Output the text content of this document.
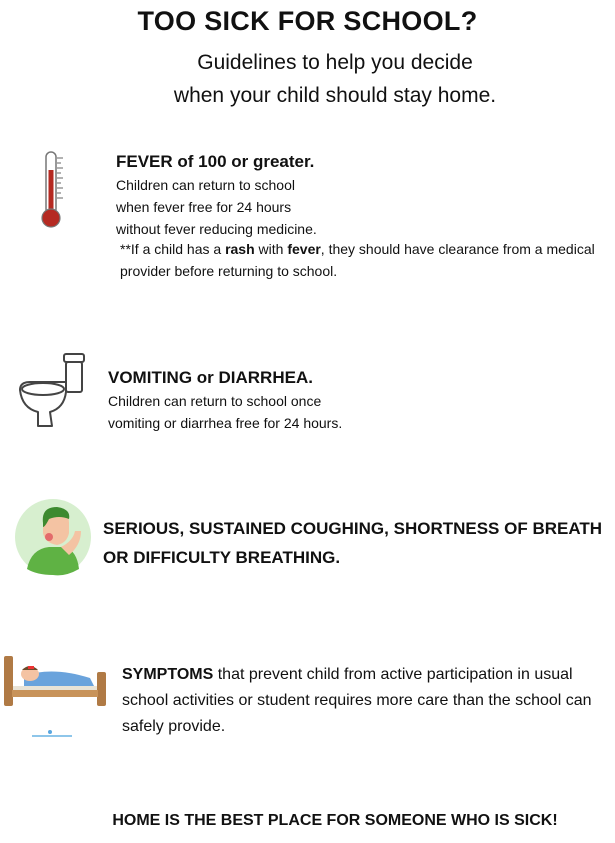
TOO SICK FOR SCHOOL?
Guidelines to help you decide
when your child should stay home.

FEVER of 100 or greater.

Children can return to school

when fever free for 24 hours

without fever reducing medicine.

**If a child has a rash with fever, they should have clearance from a medical provider before returning to school.

VOMITING or DIARRHEA.

Children can return to school once

vomiting or diarrhea free for 24 hours.

SERIOUS, SUSTAINED COUGHING, SHORTNESS OF BREATH OR DIFFICULTY BREATHING.
SYMPTOMS that prevent child from active participation in usual school activities or student requires more care than the school can safely provide.
HOME IS THE BEST PLACE FOR SOMEONE WHO IS SICK!
